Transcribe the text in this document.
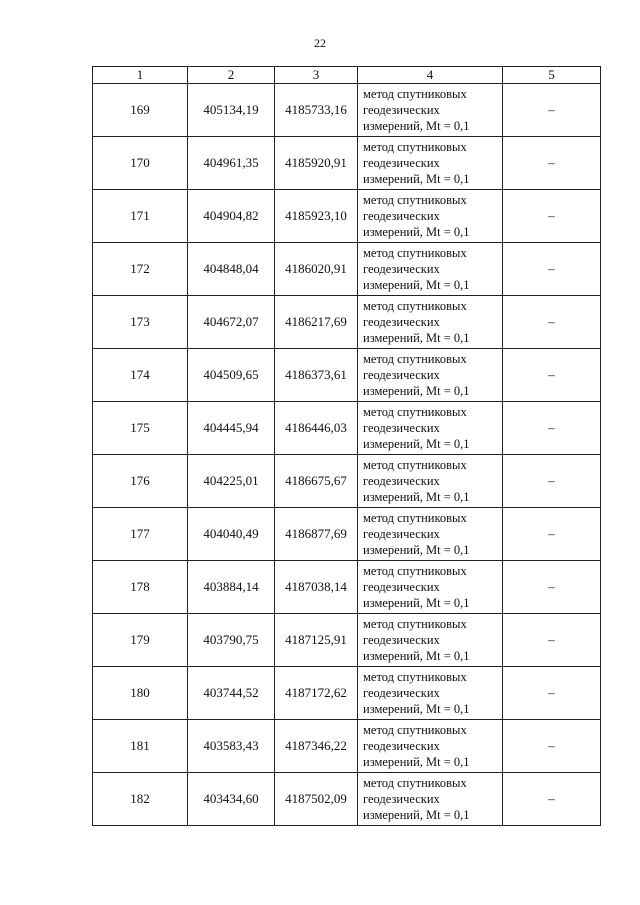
22
1	2	3	4	5
169	405134,19	4185733,16	метод спутниковых
геодезических
измерений, Mt = 0,1	–
170	404961,35	4185920,91	метод спутниковых
геодезических
измерений, Mt = 0,1	–
171	404904,82	4185923,10	метод спутниковых
геодезических
измерений, Mt = 0,1	–
172	404848,04	4186020,91	метод спутниковых
геодезических
измерений, Mt = 0,1	–
173	404672,07	4186217,69	метод спутниковых
геодезических
измерений, Mt = 0,1	–
174	404509,65	4186373,61	метод спутниковых
геодезических
измерений, Mt = 0,1	–
175	404445,94	4186446,03	метод спутниковых
геодезических
измерений, Mt = 0,1	–
176	404225,01	4186675,67	метод спутниковых
геодезических
измерений, Mt = 0,1	–
177	404040,49	4186877,69	метод спутниковых
геодезических
измерений, Mt = 0,1	–
178	403884,14	4187038,14	метод спутниковых
геодезических
измерений, Mt = 0,1	–
179	403790,75	4187125,91	метод спутниковых
геодезических
измерений, Mt = 0,1	–
180	403744,52	4187172,62	метод спутниковых
геодезических
измерений, Mt = 0,1	–
181	403583,43	4187346,22	метод спутниковых
геодезических
измерений, Mt = 0,1	–
182	403434,60	4187502,09	метод спутниковых
геодезических
измерений, Mt = 0,1	–
